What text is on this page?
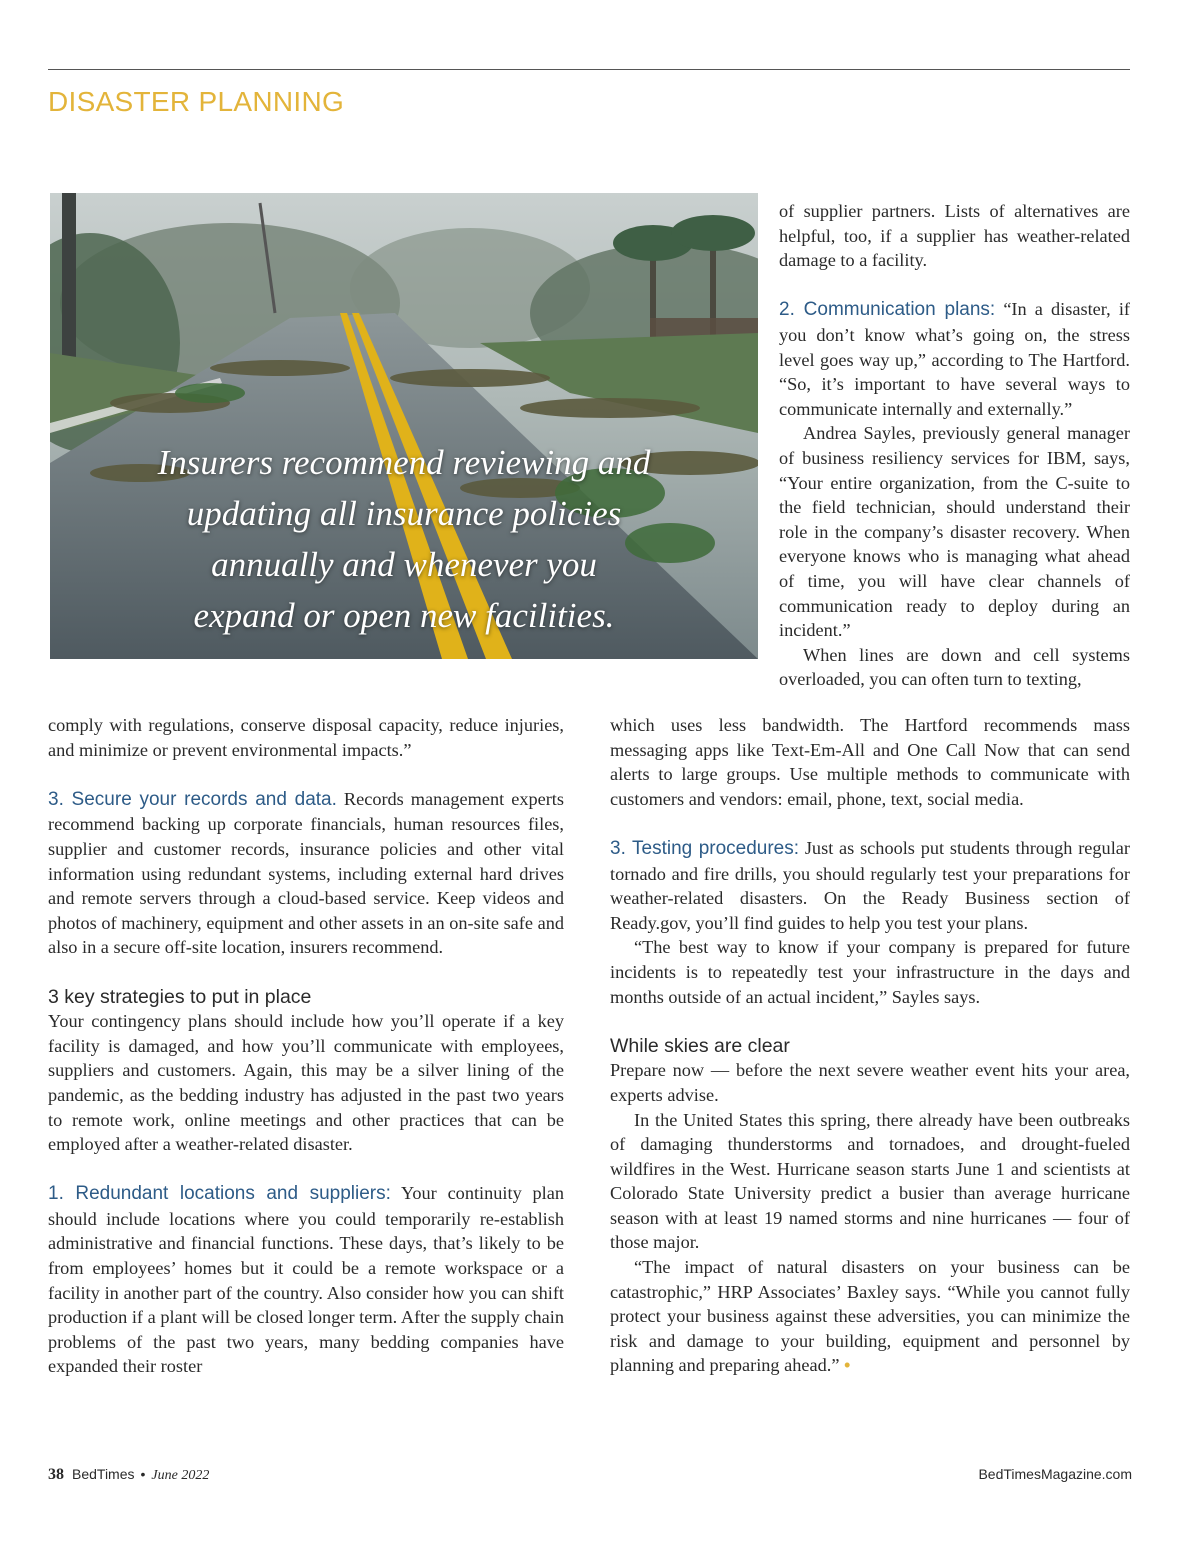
DISASTER PLANNING

Insurers recommend reviewing and
updating all insurance policies
annually and whenever you
expand or open new facilities.

of supplier partners. Lists of alternatives are helpful, too, if a supplier has weather-related damage to a facility.

2. Communication plans: “In a disaster, if you don’t know what’s going on, the stress level goes way up,” according to The Hartford. “So, it’s important to have several ways to communicate internally and externally.”

Andrea Sayles, previously general manager of business resiliency services for IBM, says, “Your entire organization, from the C-suite to the field technician, should understand their role in the company’s disaster recovery. When everyone knows who is managing what ahead of time, you will have clear channels of communication ready to deploy during an incident.”

When lines are down and cell systems overloaded, you can often turn to texting,

comply with regulations, conserve disposal capacity, reduce injuries, and minimize or prevent environmental impacts.”

3. Secure your records and data. Records management experts recommend backing up corporate financials, human resources files, supplier and customer records, insurance policies and other vital information using redundant systems, including external hard drives and remote servers through a cloud-based service. Keep videos and photos of machinery, equipment and other assets in an on-site safe and also in a secure off-site location, insurers recommend.

3 key strategies to put in place

Your contingency plans should include how you’ll operate if a key facility is damaged, and how you’ll communicate with employees, suppliers and customers. Again, this may be a silver lining of the pandemic, as the bedding industry has adjusted in the past two years to remote work, online meetings and other practices that can be employed after a weather-related disaster.

1. Redundant locations and suppliers: Your continuity plan should include locations where you could temporarily re-establish administrative and financial functions. These days, that’s likely to be from employees’ homes but it could be a remote workspace or a facility in another part of the country. Also consider how you can shift production if a plant will be closed longer term. After the supply chain problems of the past two years, many bedding companies have expanded their roster

which uses less bandwidth. The Hartford recommends mass messaging apps like Text-Em-All and One Call Now that can send alerts to large groups. Use multiple methods to communicate with customers and vendors: email, phone, text, social media.

3. Testing procedures: Just as schools put students through regular tornado and fire drills, you should regularly test your preparations for weather-related disasters. On the Ready Business section of Ready.gov, you’ll find guides to help you test your plans.

“The best way to know if your company is prepared for future incidents is to repeatedly test your infrastructure in the days and months outside of an actual incident,” Sayles says.

While skies are clear

Prepare now — before the next severe weather event hits your area, experts advise.

In the United States this spring, there already have been outbreaks of damaging thunderstorms and tornadoes, and drought-fueled wildfires in the West. Hurricane season starts June 1 and scientists at Colorado State University predict a busier than average hurricane season with at least 19 named storms and nine hurricanes — four of those major.

“The impact of natural disasters on your business can be catastrophic,” HRP Associates’ Baxley says. “While you cannot fully protect your business against these adversities, you can minimize the risk and damage to your building, equipment and personnel by planning and preparing ahead.” •

38 BedTimes • June 2022	BedTimesMagazine.com
